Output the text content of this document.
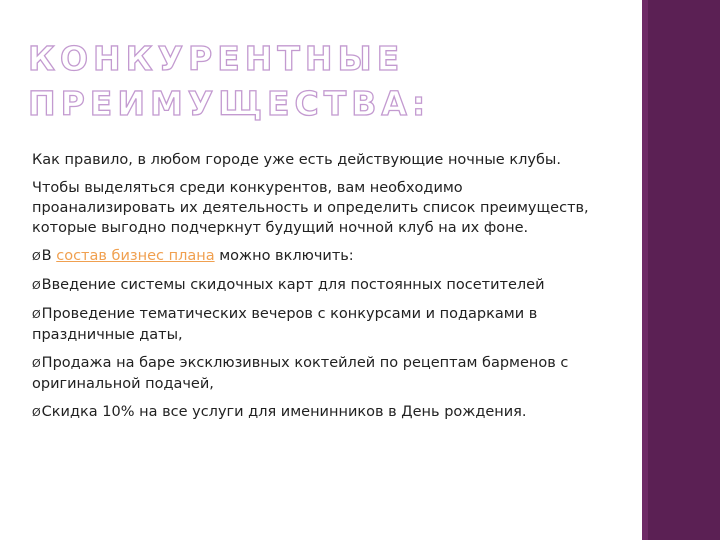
КОНКУРЕНТНЫЕ
ПРЕИМУЩЕСТВА:

Как правило, в любом городе уже есть действующие ночные клубы.

Чтобы выделяться среди конкурентов, вам необходимо проанализировать их деятельность и определить список преимуществ, которые выгодно подчеркнут будущий ночной клуб на их фоне.

ØВ состав бизнес плана можно включить:

ØВведение системы скидочных карт для постоянных посетителей

ØПроведение тематических вечеров с конкурсами и подарками в праздничные даты,

ØПродажа на баре эксклюзивных коктейлей по рецептам барменов с оригинальной подачей,

ØСкидка 10% на все услуги для именинников в День рождения.
